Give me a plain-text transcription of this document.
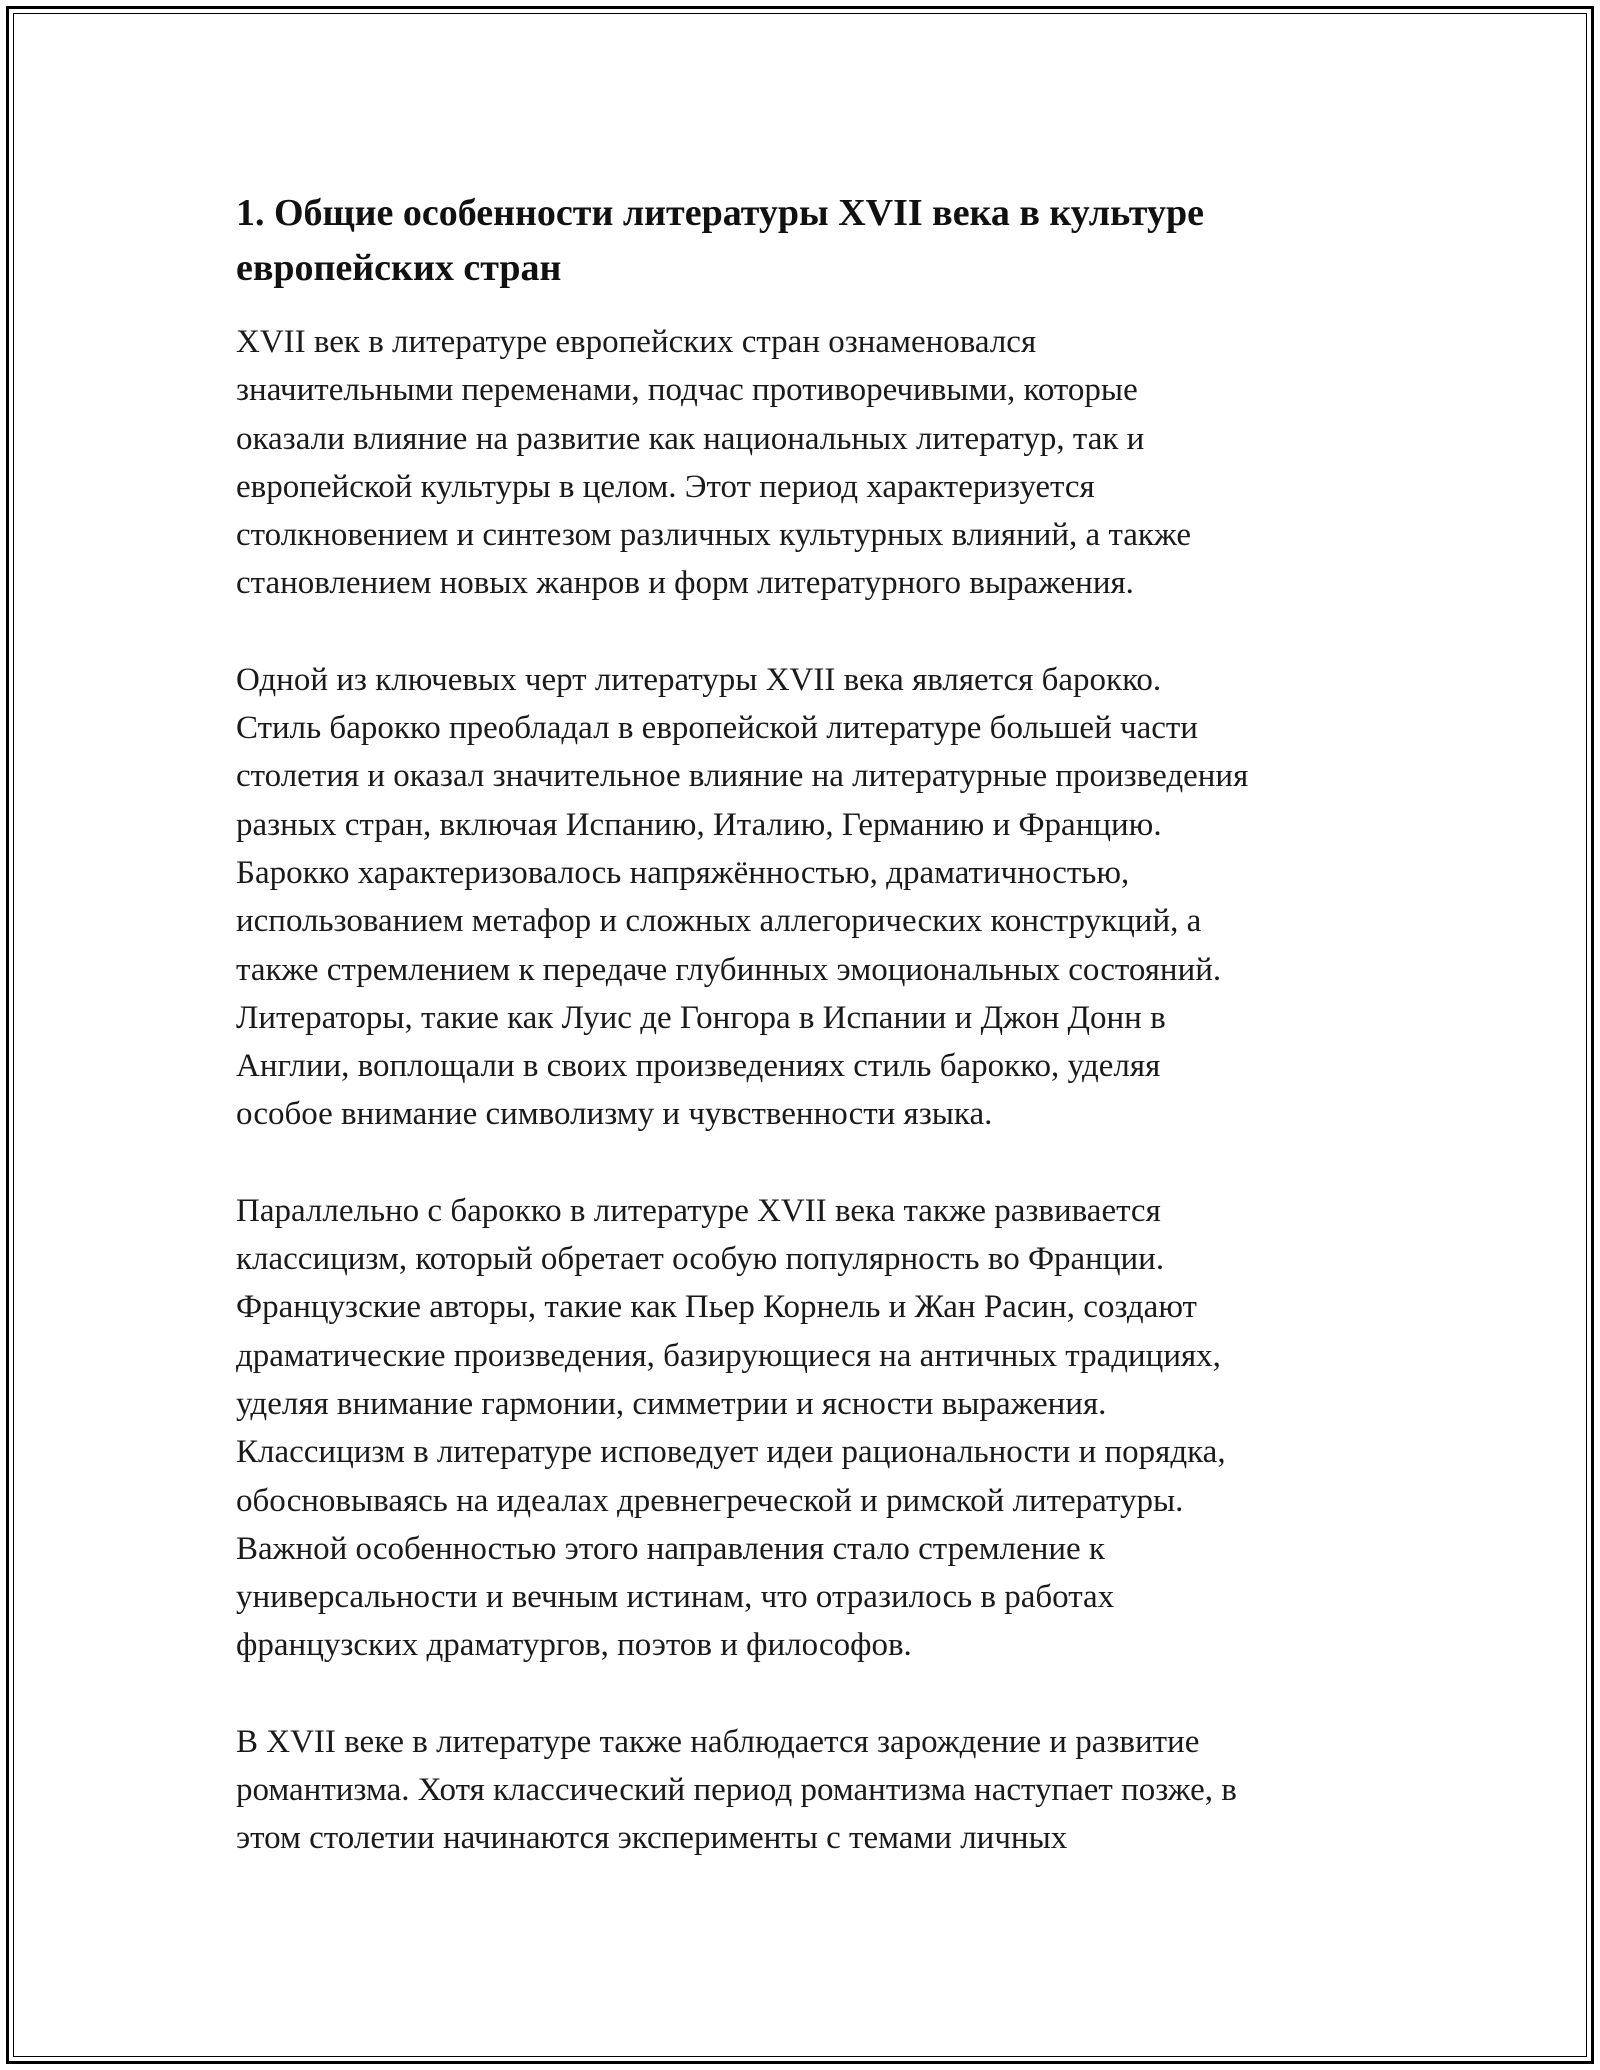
1. Общие особенности литературы XVII века в культуре
европейских стран

XVII век в литературе европейских стран ознаменовался
значительными переменами, подчас противоречивыми, которые
оказали влияние на развитие как национальных литератур, так и
европейской культуры в целом. Этот период характеризуется
столкновением и синтезом различных культурных влияний, а также
становлением новых жанров и форм литературного выражения.

Одной из ключевых черт литературы XVII века является барокко.
Стиль барокко преобладал в европейской литературе большей части
столетия и оказал значительное влияние на литературные произведения
разных стран, включая Испанию, Италию, Германию и Францию.
Барокко характеризовалось напряжённостью, драматичностью,
использованием метафор и сложных аллегорических конструкций, а
также стремлением к передаче глубинных эмоциональных состояний.
Литераторы, такие как Луис де Гонгора в Испании и Джон Донн в
Англии, воплощали в своих произведениях стиль барокко, уделяя
особое внимание символизму и чувственности языка.

Параллельно с барокко в литературе XVII века также развивается
классицизм, который обретает особую популярность во Франции.
Французские авторы, такие как Пьер Корнель и Жан Расин, создают
драматические произведения, базирующиеся на античных традициях,
уделяя внимание гармонии, симметрии и ясности выражения.
Классицизм в литературе исповедует идеи рациональности и порядка,
обосновываясь на идеалах древнегреческой и римской литературы.
Важной особенностью этого направления стало стремление к
универсальности и вечным истинам, что отразилось в работах
французских драматургов, поэтов и философов.

В XVII веке в литературе также наблюдается зарождение и развитие
романтизма. Хотя классический период романтизма наступает позже, в
этом столетии начинаются эксперименты с темами личных
